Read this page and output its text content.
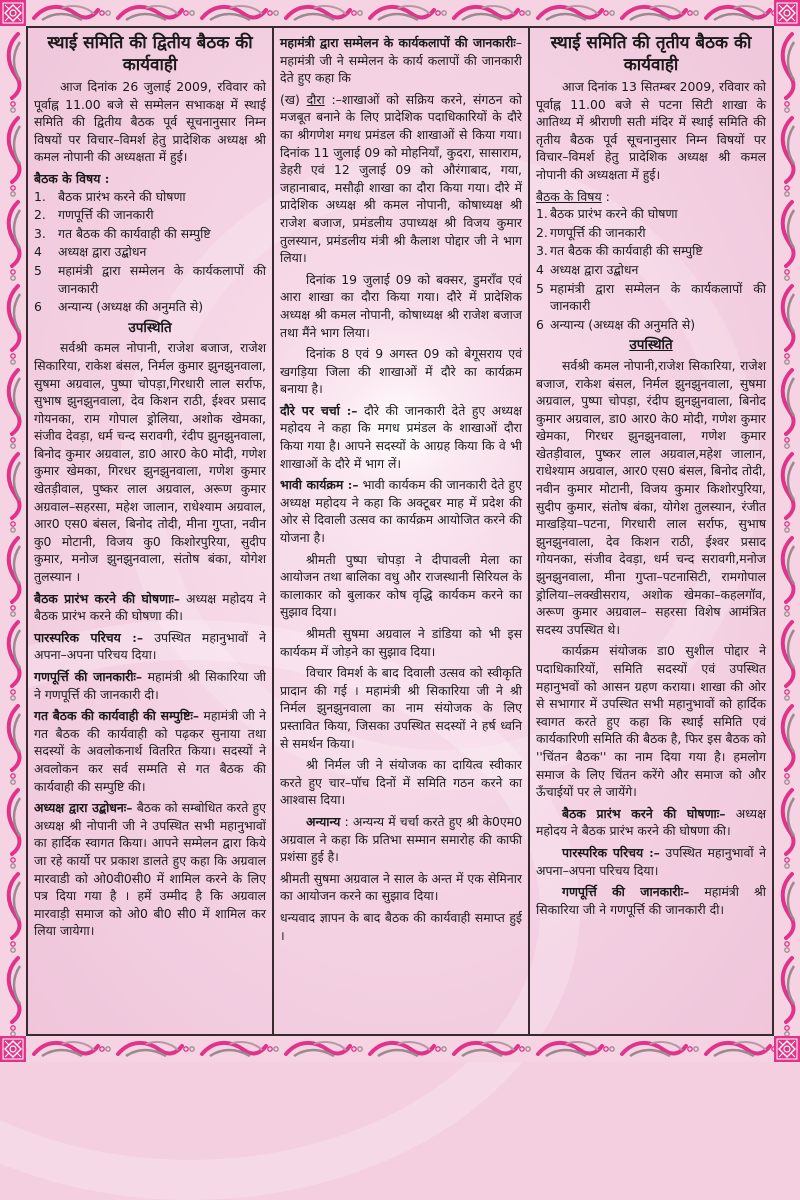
स्थाई समिति की द्वितीय बैठक की कार्यवाही

आज दिनांक 26 जुलाई 2009, रविवार को पूर्वाह्न 11.00 बजे से सम्मेलन सभाकक्ष में स्थाई समिति की द्वितीय बैठक पूर्व सूचनानुसार निम्न विषयों पर विचार–विमर्श हेतु प्रादेशिक अध्यक्ष श्री कमल नोपानी की अध्यक्षता में हुई।

बैठक के विषय :
1. बैठक प्रारंभ करने की घोषणा
2. गणपूर्त्ति की जानकारी
3. गत बैठक की कार्यवाही की सम्पुष्टि
4	अध्यक्ष द्वारा उद्बोधन
5	महामंत्री द्वारा सम्मेलन के कार्यकलापों की जानकारी
6	अन्यान्य (अध्यक्ष की अनुमति से)
उपस्थिति

सर्वश्री कमल नोपानी, राजेश बजाज, राजेश सिकारिया, राकेश बंसल, निर्मल कुमार झुनझुनवाला, सुषमा अग्रवाल, पुष्पा चोपड़ा,गिरधारी लाल सर्राफ, सुभाष झुनझुनवाला, देव किशन राठी, ईश्वर प्रसाद गोयनका, राम गोपाल ड्रोलिया, अशोक खेमका, संजीव देवड़ा, धर्म चन्द सरावगी, रंदीप झुनझुनवाला, बिनोद कुमार अग्रवाल, डा0 आर0 के0 मोदी, गणेश कुमार खेमका, गिरधर झुनझुनवाला, गणेश कुमार खेतड़ीवाल, पुष्कर लाल अग्रवाल, अरूण कुमार अग्रवाल–सहरसा, महेश जालान, राधेश्याम अग्रवाल, आर0 एस0 बंसल, बिनोद तोदी, मीना गुप्ता, नवीन कु0 मोटानी, विजय कु0 किशोरपुरिया, सुदीप कुमार, मनोज झुनझुनवाला, संतोष बंका, योगेश तुलस्यान ।

बैठक प्रारंभ करने की घोषणाः– अध्यक्ष महोदय ने बैठक प्रारंभ करने की घोषणा की।

पारस्परिक परिचय :– उपस्थित महानुभावों ने अपना–अपना परिचय दिया।

गणपूर्त्ति की जानकारीः– महामंत्री श्री सिकारिया जी ने गणपूर्त्ति की जानकारी दी।

गत बैठक की कार्यवाही की सम्पुष्टिः– महामंत्री जी ने गत बैठक की कार्यवाही को पढ़कर सुनाया तथा सदस्यों के अवलोकनार्थ वितरित किया। सदस्यों ने अवलोकन कर सर्व सम्मति से गत बैठक की कार्यवाही की सम्पुष्टि की।

अध्यक्ष द्वारा उद्बोधनः– बैठक को सम्बोधित करते हुए अध्यक्ष श्री नोपानी जी ने उपस्थित सभी महानुभावों का हार्दिक स्वागत किया। आपने सम्मेलन द्वारा किये जा रहे कार्यो पर प्रकाश डालते हुए कहा कि अग्रवाल मारवाडी को ओ0वी0सी0 में शामिल करने के लिए पत्र दिया गया है । हमें उम्मीद है कि अग्रवाल मारवाड़ी समाज को ओ0 बी0 सी0 में शामिल कर लिया जायेगा।

महामंत्री द्वारा सम्मेलन के कार्यकलापों की जानकारीः–महामंत्री जी ने सम्मेलन के कार्य कलापों की जानकारी देते हुए कहा कि

(ख) दौरा :–शाखाओं को सक्रिय करने, संगठन को मजबूत बनाने के लिए प्रादेशिक पदाधिकारियों के दौरे का श्रीगणेश मगध प्रमंडल की शाखाओं से किया गया। दिनांक 11 जुलाई 09 को मोहनियाँ, कुदरा, सासाराम, डेहरी एवं 12 जुलाई 09 को औरंगाबाद, गया, जहानाबाद, मसौढ़ी शाखा का दौरा किया गया। दौरे में प्रादेशिक अध्यक्ष श्री कमल नोपानी, कोषाध्यक्ष श्री राजेश बजाज, प्रमंडलीय उपाध्यक्ष श्री विजय कुमार तुलस्यान, प्रमंडलीय मंत्री श्री कैलाश पोद्दार जी ने भाग लिया।

दिनांक 19 जुलाई 09 को बक्सर, डुमराँव एवं आरा शाखा का दौरा किया गया। दौरे में प्रादेशिक अध्यक्ष श्री कमल नोपानी, कोषाध्यक्ष श्री राजेश बजाज तथा मैंने भाग लिया।

दिनांक 8 एवं 9 अगस्त 09 को बेगूसराय एवं खगड़िया जिला की शाखाओं में दौरे का कार्यक्रम बनाया है।

दौरे पर चर्चा :– दौरे की जानकारी देते हुए अध्यक्ष महोदय ने कहा कि मगध प्रमंडल के शाखाओं दौरा किया गया है। आपने सदस्यों के आग्रह किया कि वे भी शाखाओं के दौरे में भाग लें।

भावी कार्यक्रम :– भावी कार्यकम की जानकारी देते हुए अध्यक्ष महोदय ने कहा कि अक्टूबर माह में प्रदेश की ओर से दिवाली उत्सव का कार्यक्रम आयोजित करने की योजना है।

श्रीमती पुष्पा चोपड़ा ने दीपावली मेला का आयोजन तथा बालिका वधु और राजस्थानी सिरियल के कालाकार को बुलाकर कोष वृद्धि कार्यकम करने का सुझाव दिया।

श्रीमती सुषमा अग्रवाल ने डांडिया को भी इस कार्यकम में जोड़ने का सुझाव दिया।

विचार विमर्श के बाद दिवाली उत्सव को स्वीकृति प्रादान की गई । महामंत्री श्री सिकारिया जी ने श्री निर्मल झुनझुनवाला का नाम संयोजक के लिए प्रस्तावित किया, जिसका उपस्थित सदस्यों ने हर्ष ध्वनि से समर्थन किया।

श्री निर्मल जी ने संयोजक का दायित्व स्वीकार करते हुए चार–पॉच दिनों में समिति गठन करने का आश्वास दिया।

अन्यान्य : अन्यन्य में चर्चा करते हुए श्री के0एम0 अग्रवाल ने कहा कि प्रतिभा सम्मान समारोह की काफी प्रशंसा हुई है।

श्रीमती सुषमा अग्रवाल ने साल के अन्त में एक सेमिनार का आयोजन करने का सुझाव दिया।

धन्यवाद ज्ञापन के बाद बैठक की कार्यवाही समाप्त हुई ।

स्थाई समिति की तृतीय बैठक की कार्यवाही

आज दिनांक 13 सितम्बर 2009, रविवार को पूर्वाह्न 11.00 बजे से पटना सिटी शाखा के आतिथ्य में श्रीराणी सती मंदिर में स्थाई समिति की तृतीय बैठक पूर्व सूचनानुसार निम्न विषयों पर विचार–विमर्श हेतु प्रादेशिक अध्यक्ष श्री कमल नोपानी की अध्यक्षता में हुई।

बैठक के विषय :
1. बैठक प्रारंभ करने की घोषणा
2. गणपूर्त्ति की जानकारी
3. गत बैठक की कार्यवाही की सम्पुष्टि
4 अध्यक्ष द्वारा उद्बोधन
5 महामंत्री द्वारा सम्मेलन के कार्यकलापों की जानकारी
6 अन्यान्य (अध्यक्ष की अनुमति से)
उपस्थिति

सर्वश्री कमल नोपानी,राजेश सिकारिया, राजेश बजाज, राकेश बंसल, निर्मल झुनझुनवाला, सुषमा अग्रवाल, पुष्पा चोपड़ा, रंदीप झुनझुनवाला, बिनोद कुमार अग्रवाल, डा0 आर0 के0 मोदी, गणेश कुमार खेमका, गिरधर झुनझुनवाला, गणेश कुमार खेतड़ीवाल, पुष्कर लाल अग्रवाल,महेश जालान, राधेश्याम अग्रवाल, आर0 एस0 बंसल, बिनोद तोदी, नवीन कुमार मोटानी, विजय कुमार किशोरपुरिया, सुदीप कुमार, संतोष बंका, योगेश तुलस्यान, रंजीत माखड़िया–पटना, गिरधारी लाल सर्राफ, सुभाष झुनझुनवाला, देव किशन राठी, ईश्वर प्रसाद गोयनका, संजीव देवड़ा, धर्म चन्द सरावगी,मनोज झुनझुनवाला, मीना गुप्ता–पटनासिटी, रामगोपाल ड्रोलिया–लक्खीसराय, अशोक खेमका–कहलगॉव, अरूण कुमार अग्रवाल– सहरसा विशेष आमंत्रित सदस्य उपस्थित थे।

कार्यक्रम संयोजक डा0 सुशील पोद्दार ने पदाधिकारियों, समिति सदस्यों एवं उपस्थित महानुभवों को आसन ग्रहण कराया। शाखा की ओर से सभागार में उपस्थित सभी महानुभावों को हार्दिक स्वागत करते हुए कहा कि स्थाई समिति एवं कार्यकारिणी समिति की बैठक है, फिर इस बैठक को ''चिंतन बैठक'' का नाम दिया गया है। हमलोग समाज के लिए चिंतन करेंगे और समाज को और ऊँचाईयों पर ले जायेंगे।

बैठक प्रारंभ करने की घोषणाः– अध्यक्ष महोदय ने बैठक प्रारंभ करने की घोषणा की।

पारस्परिक परिचय :– उपस्थित महानुभावों ने अपना–अपना परिचय दिया।

गणपूर्त्ति की जानकारीः– महामंत्री श्री सिकारिया जी ने गणपूर्त्ति की जानकारी दी।
